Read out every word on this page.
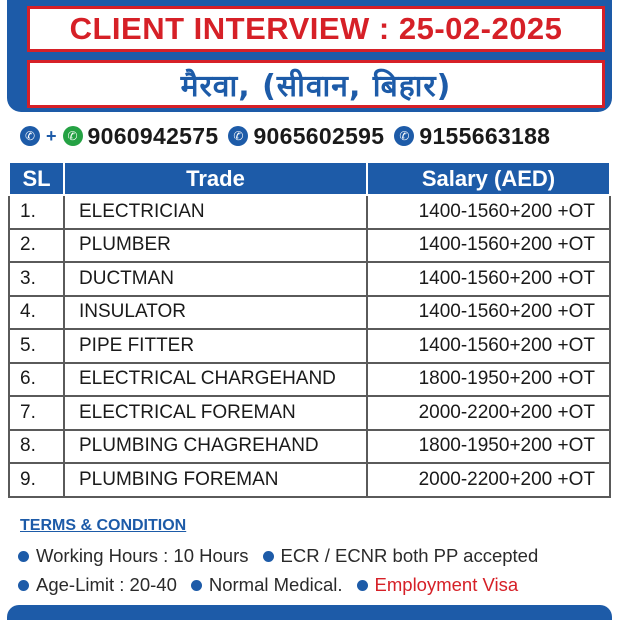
CLIENT INTERVIEW : 25-02-2025
मैरवा, (सीवान, बिहार)
✆ + ✆ 9060942575	✆ 9065602595	✆ 9155663188
SL	Trade	Salary (AED)
1.	ELECTRICIAN	1400-1560+200 +OT
2.	PLUMBER	1400-1560+200 +OT
3.	DUCTMAN	1400-1560+200 +OT
4.	INSULATOR	1400-1560+200 +OT
5.	PIPE FITTER	1400-1560+200 +OT
6.	ELECTRICAL CHARGEHAND	1800-1950+200 +OT
7.	ELECTRICAL FOREMAN	2000-2200+200 +OT
8.	PLUMBING CHAGREHAND	1800-1950+200 +OT
9.	PLUMBING FOREMAN	2000-2200+200 +OT
TERMS & CONDITION
Working Hours : 10 Hours ECR / ECNR both PP accepted
Age-Limit : 20-40 Normal Medical. Employment Visa
